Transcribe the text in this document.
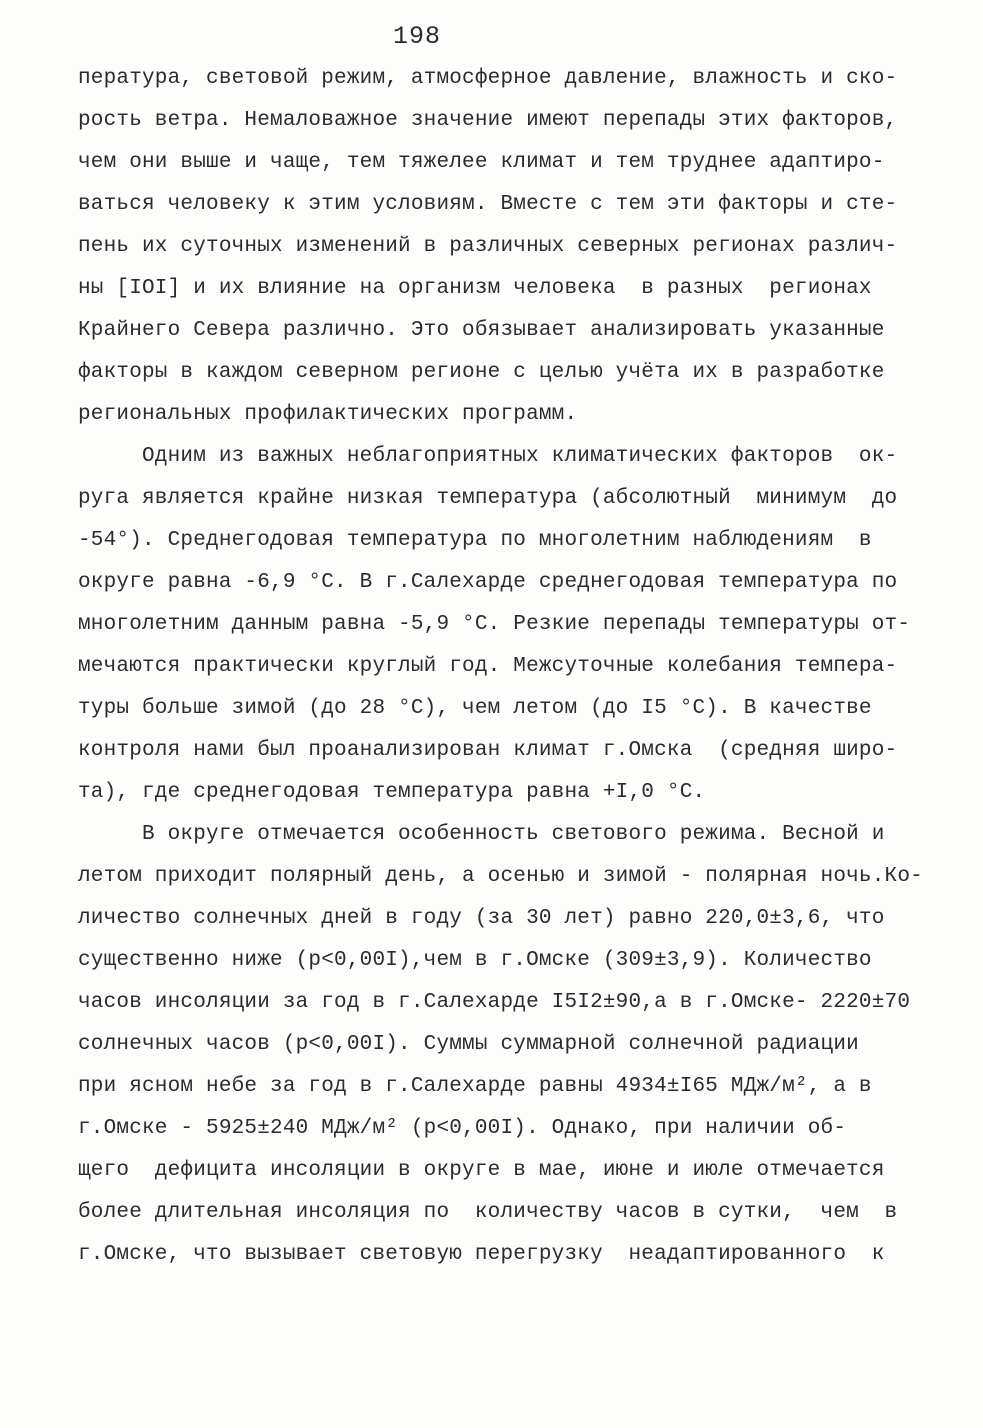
198
пература, световой режим, атмосферное давление, влажность и ско-
рость ветра. Немаловажное значение имеют перепады этих факторов,
чем они выше и чаще, тем тяжелее климат и тем труднее адаптиро-
ваться человеку к этим условиям. Вместе с тем эти факторы и сте-
пень их суточных изменений в различных северных регионах различ-
ны [IOI] и их влияние на организм человека  в разных  регионах
Крайнего Севера различно. Это обязывает анализировать указанные
факторы в каждом северном регионе с целью учёта их в разработке
региональных профилактических программ.
Одним из важных неблагоприятных климатических факторов  ок-
руга является крайне низкая температура (абсолютный  минимум  до
-54°). Среднегодовая температура по многолетним наблюдениям  в
округе равна -6,9 °C. В г.Салехарде среднегодовая температура по
многолетним данным равна -5,9 °C. Резкие перепады температуры от-
мечаются практически круглый год. Межсуточные колебания темпера-
туры больше зимой (до 28 °C), чем летом (до I5 °C). В качестве
контроля нами был проанализирован климат г.Омска  (средняя широ-
та), где среднегодовая температура равна +I,0 °C.
В округе отмечается особенность светового режима. Весной и
летом приходит полярный день, а осенью и зимой - полярная ночь.Ко-
личество солнечных дней в году (за 30 лет) равно 220,0±3,6, что
существенно ниже (р<0,00I),чем в г.Омске (309±3,9). Количество
часов инсоляции за год в г.Салехарде I5I2±90,а в г.Омске- 2220±70
солнечных часов (р<0,00I). Суммы суммарной солнечной радиации
при ясном небе за год в г.Салехарде равны 4934±I65 МДж/м², а в
г.Омске - 5925±240 МДж/м² (р<0,00I). Однако, при наличии об-
щего  дефицита инсоляции в округе в мае, июне и июле отмечается
более длительная инсоляция по  количеству часов в сутки,  чем  в
г.Омске, что вызывает световую перегрузку  неадаптированного  к
